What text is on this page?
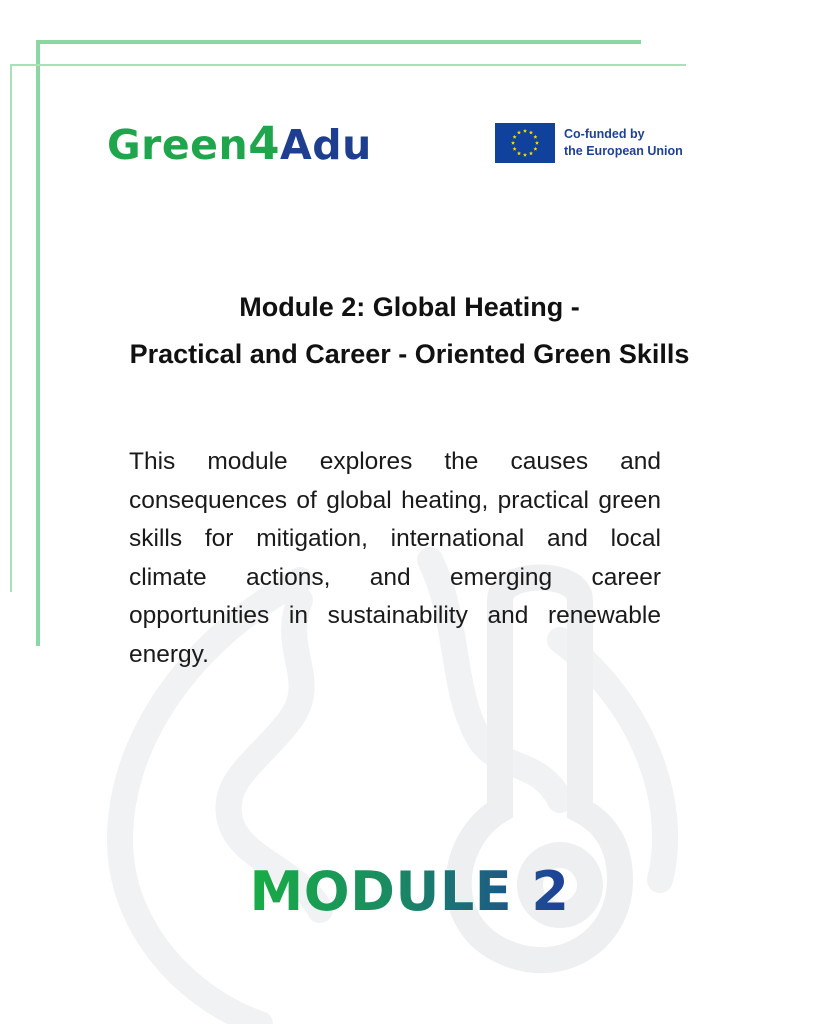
Green4Adu	Co-funded by
the European Union
Module 2: Global Heating -
Practical and Career - Oriented Green Skills

This module explores the causes and consequences of global heating, practical green skills for mitigation, international and local climate actions, and emerging career opportunities in sustainability and renewable energy.

MODULE 2
